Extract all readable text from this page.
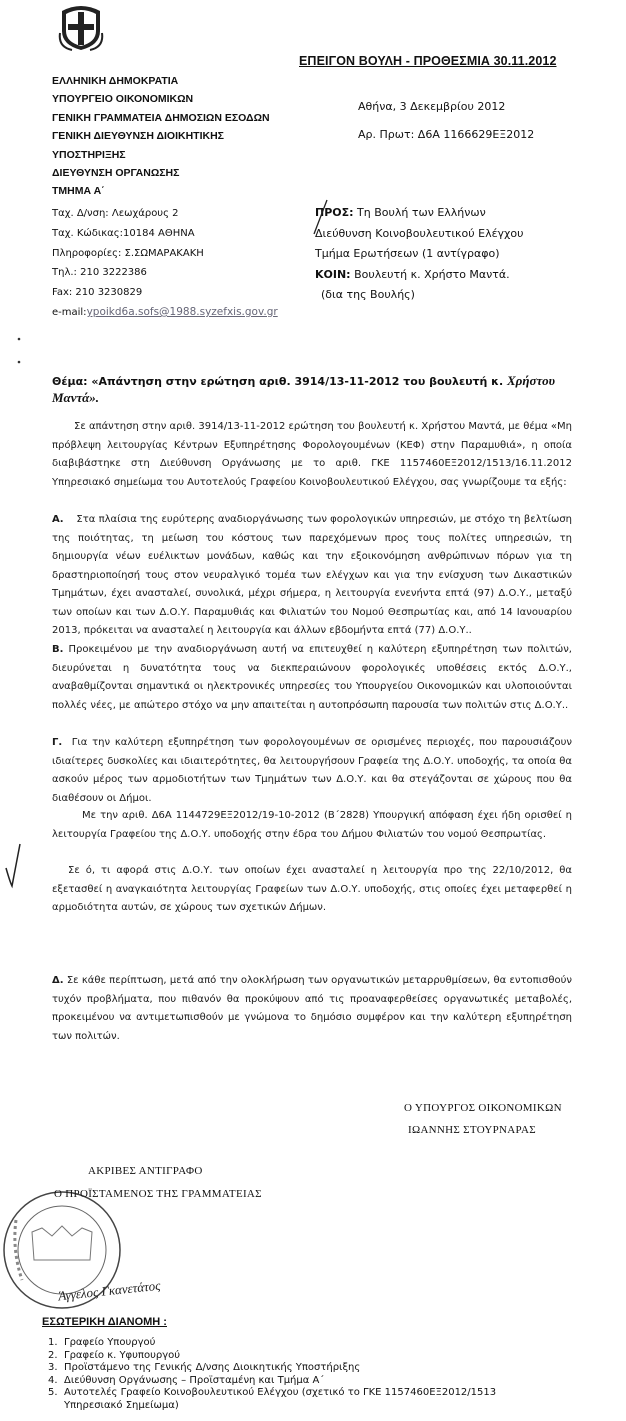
ΕΠΕΙΓΟΝ ΒΟΥΛΗ - ΠΡΟΘΕΣΜΙΑ 30.11.2012
ΕΛΛΗΝΙΚΗ ΔΗΜΟΚΡΑΤΙΑ
ΥΠΟΥΡΓΕΙΟ ΟΙΚΟΝΟΜΙΚΩΝ
ΓΕΝΙΚΗ ΓΡΑΜΜΑΤΕΙΑ ΔΗΜΟΣΙΩΝ ΕΣΟΔΩΝ
ΓΕΝΙΚΗ ΔΙΕΥΘΥΝΣΗ ΔΙΟΙΚΗΤΙΚΗΣ
ΥΠΟΣΤΗΡΙΞΗΣ
ΔΙΕΥΘΥΝΣΗ ΟΡΓΑΝΩΣΗΣ
ΤΜΗΜΑ Α΄
Αθήνα, 3 Δεκεμβρίου 2012
Αρ. Πρωτ: Δ6Α 1166629ΕΞ2012
Ταχ. Δ/νση: Λεωχάρους 2
Ταχ. Κώδικας:10184 ΑΘΗΝΑ
Πληροφορίες: Σ.ΣΩΜΑΡΑΚΑΚΗ
Τηλ.: 210 3222386
Fax: 210 3230829
e-mail:ypoikd6a.sofs@1988.syzefxis.gov.gr
ΠΡΟΣ: Τη Βουλή των Ελλήνων
Διεύθυνση Κοινοβουλευτικού Ελέγχου
Τμήμα Ερωτήσεων (1 αντίγραφο)
ΚΟΙΝ: Βουλευτή κ. Χρήστο Μαντά.
(δια της Βουλής)
Θέμα: «Απάντηση στην ερώτηση αριθ. 3914/13-11-2012 του βουλευτή κ. Χρήστου
Μαντά».
Σε απάντηση στην αριθ. 3914/13-11-2012 ερώτηση του βουλευτή κ. Χρήστου Μαντά, με θέμα «Μη πρόβλεψη λειτουργίας Κέντρων Εξυπηρέτησης Φορολογουμένων (ΚΕΦ) στην Παραμυθιά», η οποία διαβιβάστηκε στη Διεύθυνση Οργάνωσης με το αριθ. ΓΚΕ 1157460ΕΞ2012/1513/16.11.2012 Υπηρεσιακό σημείωμα του Αυτοτελούς Γραφείου Κοινοβουλευτικού Ελέγχου, σας γνωρίζουμε τα εξής:
Α. Στα πλαίσια της ευρύτερης αναδιοργάνωσης των φορολογικών υπηρεσιών, με στόχο τη βελτίωση της ποιότητας, τη μείωση του κόστους των παρεχόμενων προς τους πολίτες υπηρεσιών, τη δημιουργία νέων ευέλικτων μονάδων, καθώς και την εξοικονόμηση ανθρώπινων πόρων για τη δραστηριοποίησή τους στον νευραλγικό τομέα των ελέγχων και για την ενίσχυση των Δικαστικών Τμημάτων, έχει ανασταλεί, συνολικά, μέχρι σήμερα, η λειτουργία ενενήντα επτά (97) Δ.Ο.Υ., μεταξύ των οποίων και των Δ.Ο.Υ. Παραμυθιάς και Φιλιατών του Νομού Θεσπρωτίας και, από 14 Ιανουαρίου 2013, πρόκειται να ανασταλεί η λειτουργία και άλλων εβδομήντα επτά (77) Δ.Ο.Υ..
Β. Προκειμένου με την αναδιοργάνωση αυτή να επιτευχθεί η καλύτερη εξυπηρέτηση των πολιτών, διευρύνεται η δυνατότητα τους να διεκπεραιώνουν φορολογικές υποθέσεις εκτός Δ.Ο.Υ., αναβαθμίζονται σημαντικά οι ηλεκτρονικές υπηρεσίες του Υπουργείου Οικονομικών και υλοποιούνται πολλές νέες, με απώτερο στόχο να μην απαιτείται η αυτοπρόσωπη παρουσία των πολιτών στις Δ.Ο.Υ..
Γ. Για την καλύτερη εξυπηρέτηση των φορολογουμένων σε ορισμένες περιοχές, που παρουσιάζουν ιδιαίτερες δυσκολίες και ιδιαιτερότητες, θα λειτουργήσουν Γραφεία της Δ.Ο.Υ. υποδοχής, τα οποία θα ασκούν μέρος των αρμοδιοτήτων των Τμημάτων των Δ.Ο.Υ. και θα στεγάζονται σε χώρους που θα διαθέσουν οι Δήμοι.
Με την αριθ. Δ6Α 1144729ΕΞ2012/19-10-2012 (Β΄2828) Υπουργική απόφαση έχει ήδη ορισθεί η λειτουργία Γραφείου της Δ.Ο.Υ. υποδοχής στην έδρα του Δήμου Φιλιατών του νομού Θεσπρωτίας.
Σε ό, τι αφορά στις Δ.Ο.Υ. των οποίων έχει ανασταλεί η λειτουργία προ της 22/10/2012, θα εξετασθεί η αναγκαιότητα λειτουργίας Γραφείων των Δ.Ο.Υ. υποδοχής, στις οποίες έχει μεταφερθεί η αρμοδιότητα αυτών, σε χώρους των σχετικών Δήμων.
Δ. Σε κάθε περίπτωση, μετά από την ολοκλήρωση των οργανωτικών μεταρρυθμίσεων, θα εντοπισθούν τυχόν προβλήματα, που πιθανόν θα προκύψουν από τις προαναφερθείσες οργανωτικές μεταβολές, προκειμένου να αντιμετωπισθούν με γνώμονα το δημόσιο συμφέρον και την καλύτερη εξυπηρέτηση των πολιτών.
Ο ΥΠΟΥΡΓΟΣ ΟΙΚΟΝΟΜΙΚΩΝ
ΙΩΑΝΝΗΣ ΣΤΟΥΡΝΑΡΑΣ
ΑΚΡΙΒΕΣ ΑΝΤΙΓΡΑΦΟ
Ο ΠΡΟΪΣΤΑΜΕΝΟΣ ΤΗΣ ΓΡΑΜΜΑΤΕΙΑΣ
Άγγελος Γκανετάτος
ΕΣΩΤΕΡΙΚΗ ΔΙΑΝΟΜΗ :
1. Γραφείο Υπουργού
2. Γραφείο κ. Υφυπουργού
3. Προϊστάμενο της Γενικής Δ/νσης Διοικητικής Υποστήριξης
4. Διεύθυνση Οργάνωσης – Προϊσταμένη και Τμήμα Α΄
5. Αυτοτελές Γραφείο Κοινοβουλευτικού Ελέγχου (σχετικό το ΓΚΕ 1157460ΕΞ2012/1513
Υπηρεσιακό Σημείωμα)
